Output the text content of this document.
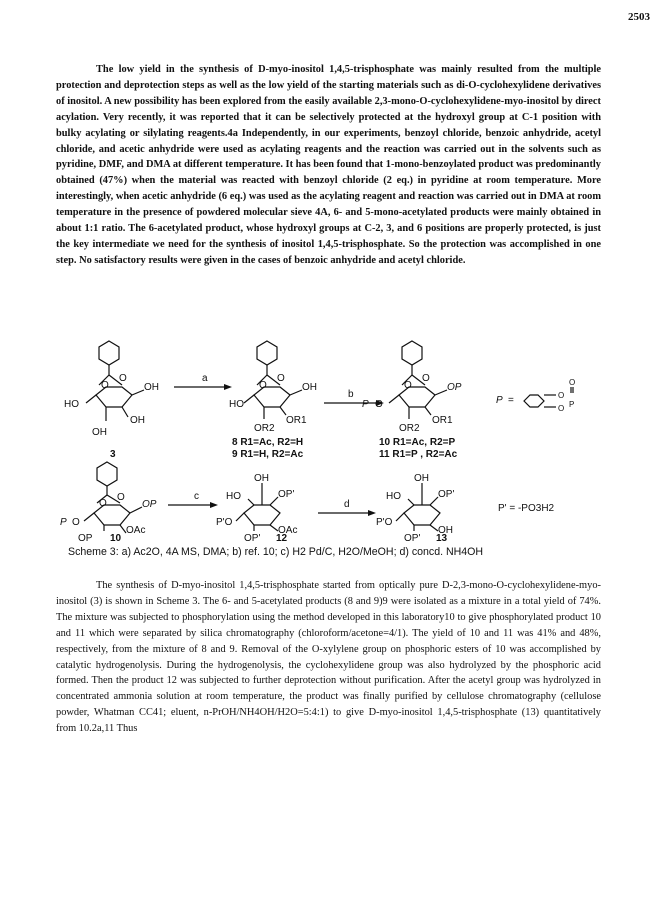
2503

The low yield in the synthesis of D-myo-inositol 1,4,5-trisphosphate was mainly resulted from the multiple protection and deprotection steps as well as the low yield of the starting materials such as di-O-cyclohexylidene derivatives of inositol. A new possibility has been explored from the easily available 2,3-mono-O-cyclohexylidene-myo-inositol by direct acylation. Very recently, it was reported that it can be selectively protected at the hydroxyl group at C-1 position with bulky acylating or silylating reagents.4a Independently, in our experiments, benzoyl chloride, benzoic anhydride, acetyl chloride, and acetic anhydride were used as acylating reagents and the reaction was carried out in the solvents such as pyridine, DMF, and DMA at different temperature. It has been found that 1-mono-benzoylated product was predominantly obtained (47%) when the material was reacted with benzoyl chloride (2 eq.) in pyridine at room temperature. More interestingly, when acetic anhydride (6 eq.) was used as the acylating reagent and reaction was carried out in DMA at room temperature in the presence of powdered molecular sieve 4A, 6- and 5-mono-acetylated products were mainly obtained in about 1:1 ratio. The 6-acetylated product, whose hydroxyl groups at C-2, 3, and 6 positions are properly protected, is just the key intermediate we need for the synthesis of inositol 1,4,5-trisphosphate. So the protection was accomplished in one step. No satisfactory results were given in the cases of benzoic anhydride and acetyl chloride.

O
O
OH
OH
HO
OH
3
a
O
O
OH
HO
OR1
OR2
8 R1=Ac, R2=H
9 R1=H, R2=Ac
b
O
O
OP
P O
OR1
OR2
10 R1=Ac, R2=P
11 R1=P , R2=Ac
P =
O
O
O P
O
O
OP
P O
OAc
OP 10
c
OH
HO	OP'
P'O
OAc
OP' 12
d
OH
HO	OP'
P'O
OH
OP' 13
P' = -PO3H2

Scheme 3: a) Ac2O, 4A MS, DMA; b) ref. 10; c) H2 Pd/C, H2O/MeOH; d) concd. NH4OH

The synthesis of D-myo-inositol 1,4,5-trisphosphate started from optically pure D-2,3-mono-O-cyclohexylidene-myo-inositol (3) is shown in Scheme 3. The 6- and 5-acetylated products (8 and 9)9 were isolated as a mixture in a total yield of 74%. The mixture was subjected to phosphorylation using the method developed in this laboratory10 to give phosphorylated product 10 and 11 which were separated by silica chromatography (chloroform/acetone=4/1). The yield of 10 and 11 was 41% and 48%, respectively, from the mixture of 8 and 9. Removal of the O-xylylene group on phosphoric esters of 10 was accomplished by catalytic hydrogenolysis. During the hydrogenolysis, the cyclohexylidene group was also hydrolyzed by the phosphoric acid formed. Then the product 12 was subjected to further deprotection without purification. After the acetyl group was hydrolyzed in concentrated ammonia solution at room temperature, the product was finally purified by cellulose chromatography (cellulose powder, Whatman CC41; eluent, n-PrOH/NH4OH/H2O=5:4:1) to give D-myo-inositol 1,4,5-trisphosphate (13) quantitatively from 10.2a,11 Thus
